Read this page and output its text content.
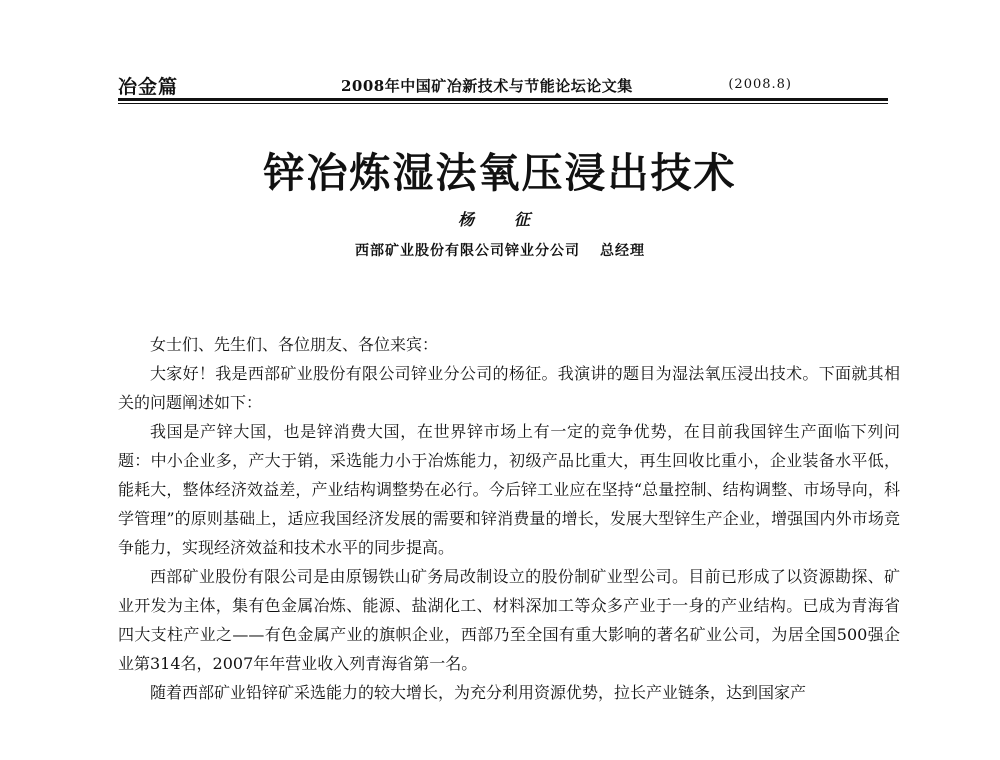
冶金篇	2008年中国矿冶新技术与节能论坛论文集	(2008.8)
锌冶炼湿法氧压浸出技术
杨　征
西部矿业股份有限公司锌业分公司 总经理

女士们、先生们、各位朋友、各位来宾：

大家好！我是西部矿业股份有限公司锌业分公司的杨征。我演讲的题目为湿法氧压浸出技术。下面就其相关的问题阐述如下：

我国是产锌大国，也是锌消费大国，在世界锌市场上有一定的竞争优势，在目前我国锌生产面临下列问题：中小企业多，产大于销，采选能力小于冶炼能力，初级产品比重大，再生回收比重小，企业装备水平低，能耗大，整体经济效益差，产业结构调整势在必行。今后锌工业应在坚持“总量控制、结构调整、市场导向，科学管理”的原则基础上，适应我国经济发展的需要和锌消费量的增长，发展大型锌生产企业，增强国内外市场竞争能力，实现经济效益和技术水平的同步提高。

西部矿业股份有限公司是由原锡铁山矿务局改制设立的股份制矿业型公司。目前已形成了以资源勘探、矿业开发为主体，集有色金属冶炼、能源、盐湖化工、材料深加工等众多产业于一身的产业结构。已成为青海省四大支柱产业之——有色金属产业的旗帜企业，西部乃至全国有重大影响的著名矿业公司，为居全国500强企业第314名，2007年年营业收入列青海省第一名。

随着西部矿业铅锌矿采选能力的较大增长，为充分利用资源优势，拉长产业链条，达到国家产
